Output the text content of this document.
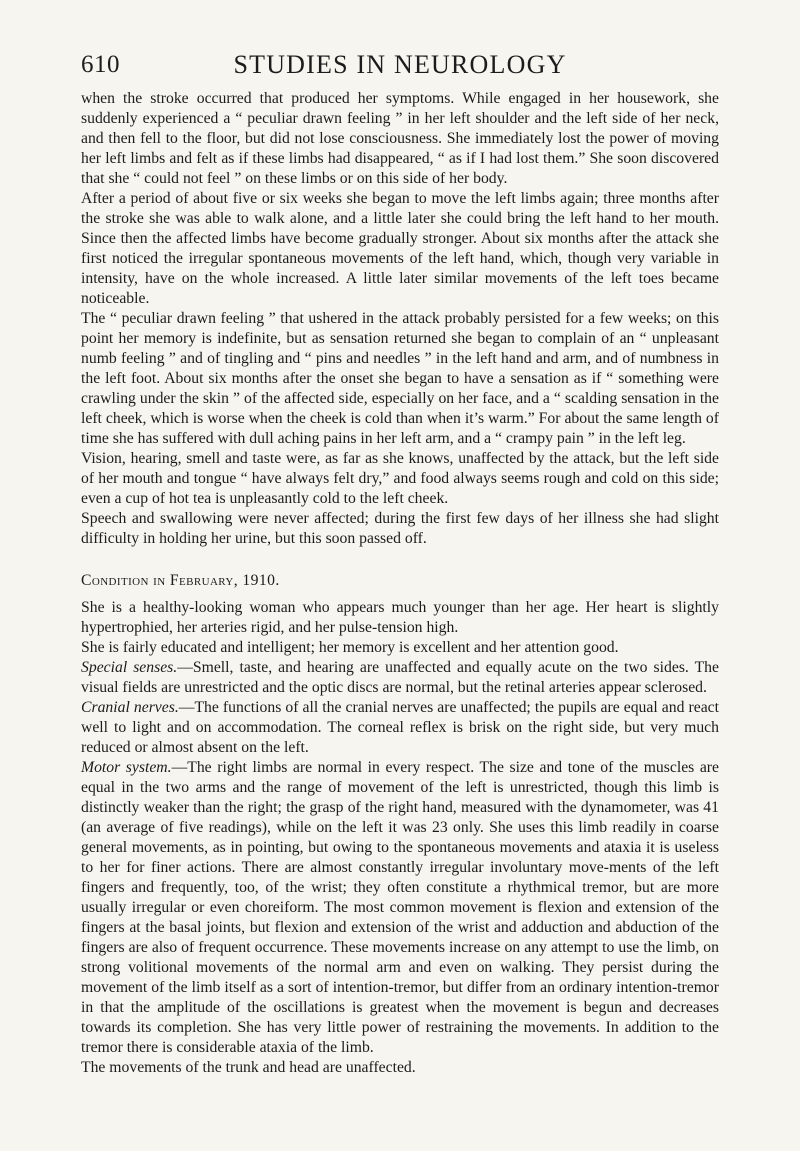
610	STUDIES IN NEUROLOGY

when the stroke occurred that produced her symptoms. While engaged in her housework, she suddenly experienced a “ peculiar drawn feeling ” in her left shoulder and the left side of her neck, and then fell to the floor, but did not lose consciousness. She immediately lost the power of moving her left limbs and felt as if these limbs had disappeared, “ as if I had lost them.” She soon discovered that she “ could not feel ” on these limbs or on this side of her body.

After a period of about five or six weeks she began to move the left limbs again; three months after the stroke she was able to walk alone, and a little later she could bring the left hand to her mouth. Since then the affected limbs have become gradually stronger. About six months after the attack she first noticed the irregular spontaneous movements of the left hand, which, though very variable in intensity, have on the whole increased. A little later similar movements of the left toes became noticeable.

The “ peculiar drawn feeling ” that ushered in the attack probably persisted for a few weeks; on this point her memory is indefinite, but as sensation returned she began to complain of an “ unpleasant numb feeling ” and of tingling and “ pins and needles ” in the left hand and arm, and of numbness in the left foot. About six months after the onset she began to have a sensation as if “ something were crawling under the skin ” of the affected side, especially on her face, and a “ scalding sensation in the left cheek, which is worse when the cheek is cold than when it’s warm.” For about the same length of time she has suffered with dull aching pains in her left arm, and a “ crampy pain ” in the left leg.

Vision, hearing, smell and taste were, as far as she knows, unaffected by the attack, but the left side of her mouth and tongue “ have always felt dry,” and food always seems rough and cold on this side; even a cup of hot tea is unpleasantly cold to the left cheek.

Speech and swallowing were never affected; during the first few days of her illness she had slight difficulty in holding her urine, but this soon passed off.

Condition in February, 1910.

She is a healthy-looking woman who appears much younger than her age. Her heart is slightly hypertrophied, her arteries rigid, and her pulse-tension high.

She is fairly educated and intelligent; her memory is excellent and her attention good.

Special senses.—Smell, taste, and hearing are unaffected and equally acute on the two sides. The visual fields are unrestricted and the optic discs are normal, but the retinal arteries appear sclerosed.

Cranial nerves.—The functions of all the cranial nerves are unaffected; the pupils are equal and react well to light and on accommodation. The corneal reflex is brisk on the right side, but very much reduced or almost absent on the left.

Motor system.—The right limbs are normal in every respect. The size and tone of the muscles are equal in the two arms and the range of movement of the left is unrestricted, though this limb is distinctly weaker than the right; the grasp of the right hand, measured with the dynamometer, was 41 (an average of five readings), while on the left it was 23 only. She uses this limb readily in coarse general movements, as in pointing, but owing to the spontaneous movements and ataxia it is useless to her for finer actions. There are almost constantly irregular involuntary move-ments of the left fingers and frequently, too, of the wrist; they often constitute a rhythmical tremor, but are more usually irregular or even choreiform. The most common movement is flexion and extension of the fingers at the basal joints, but flexion and extension of the wrist and adduction and abduction of the fingers are also of frequent occurrence. These movements increase on any attempt to use the limb, on strong volitional movements of the normal arm and even on walking. They persist during the movement of the limb itself as a sort of intention-tremor, but differ from an ordinary intention-tremor in that the amplitude of the oscillations is greatest when the movement is begun and decreases towards its completion. She has very little power of restraining the movements. In addition to the tremor there is considerable ataxia of the limb.

The movements of the trunk and head are unaffected.
